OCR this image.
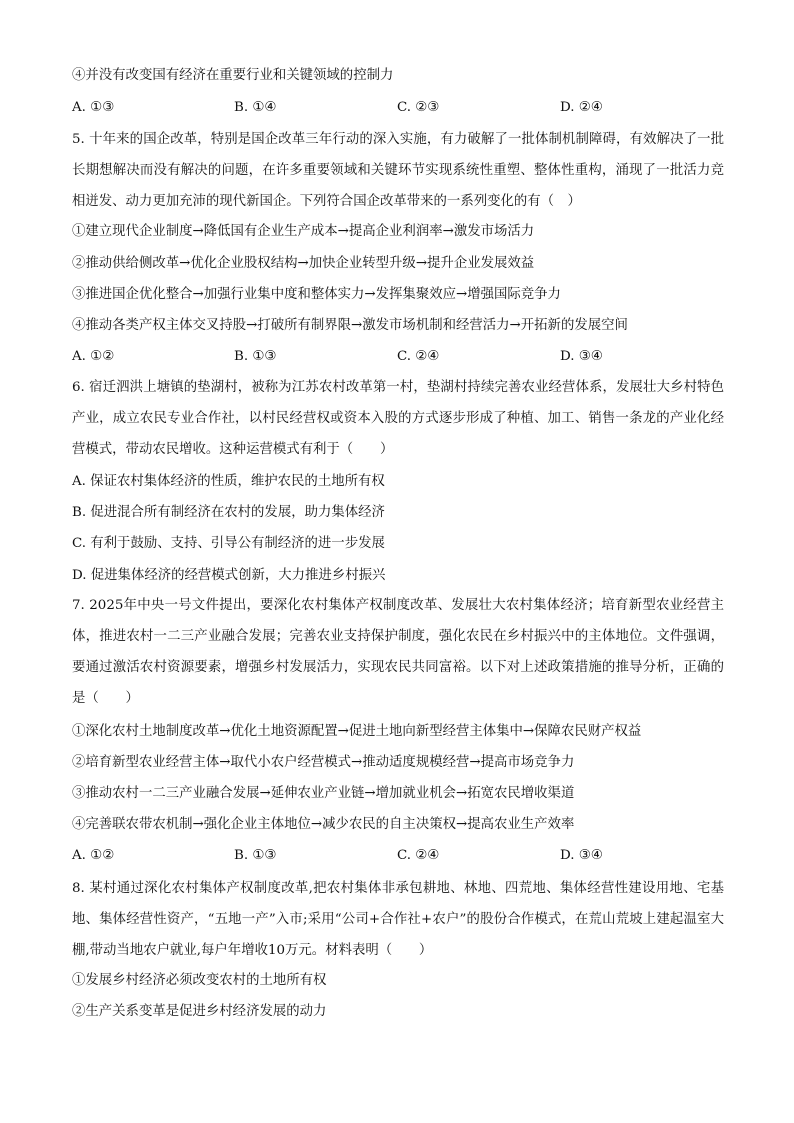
④并没有改变国有经济在重要行业和关键领域的控制力
A. ①③	B. ①④	C. ②③	D. ②④
5. 十年来的国企改革，特别是国企改革三年行动的深入实施，有力破解了一批体制机制障碍，有效解决了一批长期想解决而没有解决的问题，在许多重要领域和关键环节实现系统性重塑、整体性重构，涌现了一批活力竞相迸发、动力更加充沛的现代新国企。下列符合国企改革带来的一系列变化的有（　）
①建立现代企业制度→降低国有企业生产成本→提高企业利润率→激发市场活力
②推动供给侧改革→优化企业股权结构→加快企业转型升级→提升企业发展效益
③推进国企优化整合→加强行业集中度和整体实力→发挥集聚效应→增强国际竞争力
④推动各类产权主体交叉持股→打破所有制界限→激发市场机制和经营活力→开拓新的发展空间
A. ①②	B. ①③	C. ②④	D. ③④
6. 宿迁泗洪上塘镇的垫湖村，被称为江苏农村改革第一村，垫湖村持续完善农业经营体系，发展壮大乡村特色产业，成立农民专业合作社，以村民经营权或资本入股的方式逐步形成了种植、加工、销售一条龙的产业化经营模式，带动农民增收。这种运营模式有利于（　　）
A. 保证农村集体经济的性质，维护农民的土地所有权
B. 促进混合所有制经济在农村的发展，助力集体经济
C. 有利于鼓励、支持、引导公有制经济的进一步发展
D. 促进集体经济的经营模式创新，大力推进乡村振兴
7. 2025年中央一号文件提出，要深化农村集体产权制度改革、发展壮大农村集体经济；培育新型农业经营主体，推进农村一二三产业融合发展；完善农业支持保护制度，强化农民在乡村振兴中的主体地位。文件强调，要通过激活农村资源要素，增强乡村发展活力，实现农民共同富裕。以下对上述政策措施的推导分析，正确的是（　　）
①深化农村土地制度改革→优化土地资源配置→促进土地向新型经营主体集中→保障农民财产权益
②培育新型农业经营主体→取代小农户经营模式→推动适度规模经营→提高市场竞争力
③推动农村一二三产业融合发展→延伸农业产业链→增加就业机会→拓宽农民增收渠道
④完善联农带农机制→强化企业主体地位→减少农民的自主决策权→提高农业生产效率
A. ①②	B. ①③	C. ②④	D. ③④
8. 某村通过深化农村集体产权制度改革,把农村集体非承包耕地、林地、四荒地、集体经营性建设用地、宅基地、集体经营性资产，“五地一产”入市;采用“公司+合作社+农户”的股份合作模式，在荒山荒坡上建起温室大棚,带动当地农户就业,每户年增收10万元。材料表明（　　）
①发展乡村经济必须改变农村的土地所有权
②生产关系变革是促进乡村经济发展的动力
